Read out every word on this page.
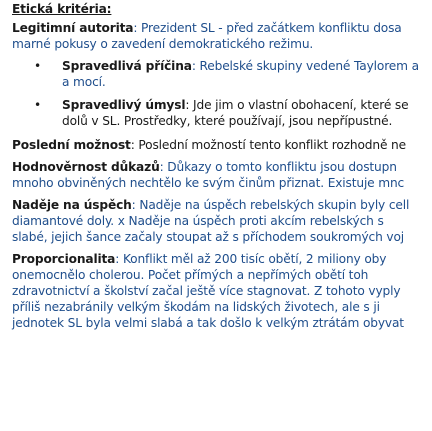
Etická kritéria:
Legitimní autorita: Prezident SL - před začátkem konfliktu dosa
marné pokusy o zavedení demokratického režimu.
• Spravedlivá příčina: Rebelské skupiny vedené Taylorem a
a mocí.
• Spravedlivý úmysl: Jde jim o vlastní obohacení, které se
dolů v SL. Prostředky, které používají, jsou nepřípustné.
Poslední možnost: Poslední možností tento konflikt rozhodně ne
Hodnověrnost důkazů: Důkazy o tomto konfliktu jsou dostupn
mnoho obviněných nechtělo ke svým činům přiznat. Existuje mnc
Naděje na úspěch: Naděje na úspěch rebelských skupin byly cell
diamantové doly. x Naděje na úspěch proti akcím rebelských s
slabé, jejich šance začaly stoupat až s příchodem soukromých voj
Proporcionalita: Konflikt měl až 200 tisíc obětí, 2 miliony oby
onemocnělo cholerou. Počet přímých a nepřímých obětí toh
zdravotnictví a školství začal ještě více stagnovat. Z tohoto vyply
příliš nezabránily velkým škodám na lidských životech, ale s ji
jednotek SL byla velmi slabá a tak došlo k velkým ztrátám obyvat
